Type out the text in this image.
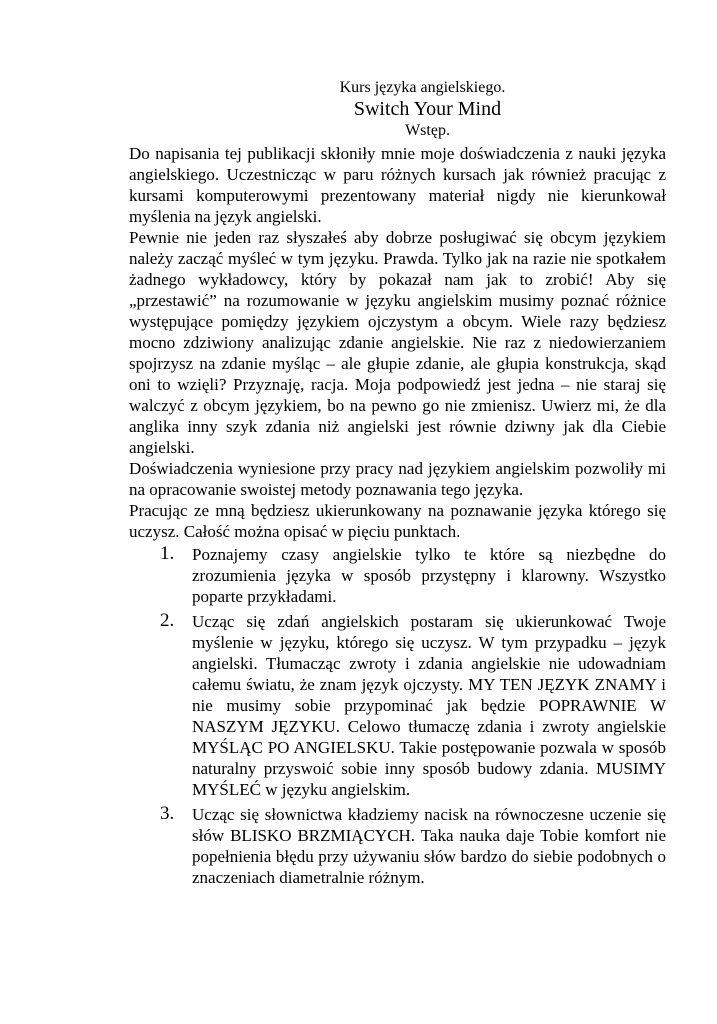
Kurs języka angielskiego.

Switch Your Mind

Wstęp.

Do napisania tej publikacji skłoniły mnie moje doświadczenia z nauki języka angielskiego. Uczestnicząc w paru różnych kursach jak również pracując z kursami komputerowymi prezentowany materiał nigdy nie kierunkował myślenia na język angielski.

Pewnie nie jeden raz słyszałeś aby dobrze posługiwać się obcym językiem należy zacząć myśleć w tym języku. Prawda. Tylko jak na razie nie spotkałem żadnego wykładowcy, który by pokazał nam jak to zrobić! Aby się „przestawić” na rozumowanie w języku angielskim musimy poznać różnice występujące pomiędzy językiem ojczystym a obcym. Wiele razy będziesz mocno zdziwiony analizując zdanie angielskie. Nie raz z niedowierzaniem spojrzysz na zdanie myśląc – ale głupie zdanie, ale głupia konstrukcja, skąd oni to wzięli? Przyznaję, racja. Moja podpowiedź jest jedna – nie staraj się walczyć z obcym językiem, bo na pewno go nie zmienisz. Uwierz mi, że dla anglika inny szyk zdania niż angielski jest równie dziwny jak dla Ciebie angielski.

Doświadczenia wyniesione przy pracy nad językiem angielskim pozwoliły mi na opracowanie swoistej metody poznawania tego języka.

Pracując ze mną będziesz ukierunkowany na poznawanie języka którego się uczysz. Całość można opisać w pięciu punktach.

1. Poznajemy czasy angielskie tylko te które są niezbędne do zrozumienia języka w sposób przystępny i klarowny. Wszystko poparte przykładami.
2. Ucząc się zdań angielskich postaram się ukierunkować Twoje myślenie w języku, którego się uczysz. W tym przypadku – język angielski. Tłumacząc zwroty i zdania angielskie nie udowadniam całemu światu, że znam język ojczysty. MY TEN JĘZYK ZNAMY i nie musimy sobie przypominać jak będzie POPRAWNIE W NASZYM JĘZYKU. Celowo tłumaczę zdania i zwroty angielskie MYŚLĄC PO ANGIELSKU. Takie postępowanie pozwala w sposób naturalny przyswoić sobie inny sposób budowy zdania. MUSIMY MYŚLEĆ w języku angielskim.
3. Ucząc się słownictwa kładziemy nacisk na równoczesne uczenie się słów BLISKO BRZMIĄCYCH. Taka nauka daje Tobie komfort nie popełnienia błędu przy używaniu słów bardzo do siebie podobnych o znaczeniach diametralnie różnym.
